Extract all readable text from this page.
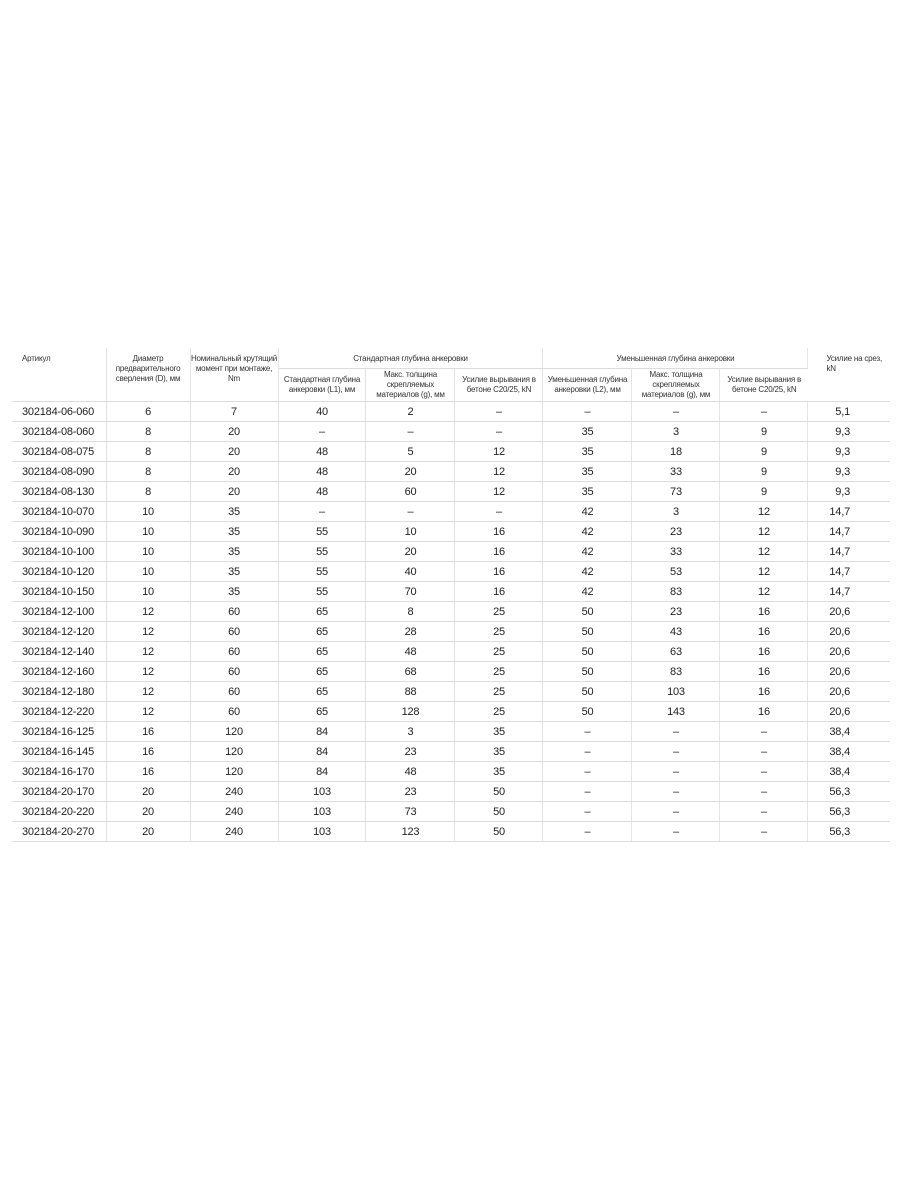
Артикул	Диаметр предварительного сверления (D), мм	Номинальный крутящий момент при монтаже, Nm	Стандартная глубина анкеровки			Уменьшенная глубина анкеровки			Усилие на срез, kN
			Стандартная глубина анкеровки (L1), мм	Макс. толщина скрепляемых материалов (g), мм	Усилие вырывания в бетоне C20/25, kN	Уменьшенная глубина анкеровки (L2), мм	Макс. толщина скрепляемых материалов (g), мм	Усилие вырывания в бетоне C20/25, kN	
302184-06-060	6	7	40	2	–	–	–	–	5,1
302184-08-060	8	20	–	–	–	35	3	9	9,3
302184-08-075	8	20	48	5	12	35	18	9	9,3
302184-08-090	8	20	48	20	12	35	33	9	9,3
302184-08-130	8	20	48	60	12	35	73	9	9,3
302184-10-070	10	35	–	–	–	42	3	12	14,7
302184-10-090	10	35	55	10	16	42	23	12	14,7
302184-10-100	10	35	55	20	16	42	33	12	14,7
302184-10-120	10	35	55	40	16	42	53	12	14,7
302184-10-150	10	35	55	70	16	42	83	12	14,7
302184-12-100	12	60	65	8	25	50	23	16	20,6
302184-12-120	12	60	65	28	25	50	43	16	20,6
302184-12-140	12	60	65	48	25	50	63	16	20,6
302184-12-160	12	60	65	68	25	50	83	16	20,6
302184-12-180	12	60	65	88	25	50	103	16	20,6
302184-12-220	12	60	65	128	25	50	143	16	20,6
302184-16-125	16	120	84	3	35	–	–	–	38,4
302184-16-145	16	120	84	23	35	–	–	–	38,4
302184-16-170	16	120	84	48	35	–	–	–	38,4
302184-20-170	20	240	103	23	50	–	–	–	56,3
302184-20-220	20	240	103	73	50	–	–	–	56,3
302184-20-270	20	240	103	123	50	–	–	–	56,3
